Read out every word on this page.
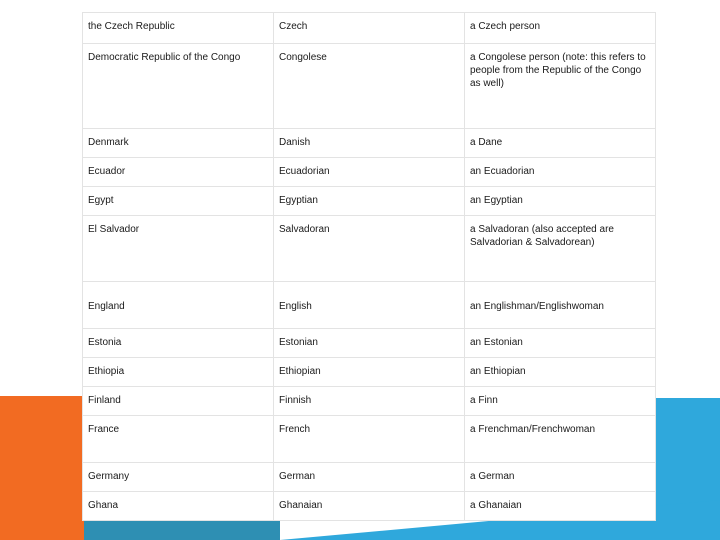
the Czech Republic	Czech	a Czech person
Democratic Republic of the Congo	Congolese	a Congolese person (note: this refers to people from the Republic of the Congo as well)
Denmark	Danish	a Dane
Ecuador	Ecuadorian	an Ecuadorian
Egypt	Egyptian	an Egyptian
El Salvador	Salvadoran	a Salvadoran (also accepted are Salvadorian & Salvadorean)
England	English	an Englishman/Englishwoman
Estonia	Estonian	an Estonian
Ethiopia	Ethiopian	an Ethiopian
Finland	Finnish	a Finn
France	French	a Frenchman/Frenchwoman
Germany	German	a German
Ghana	Ghanaian	a Ghanaian
